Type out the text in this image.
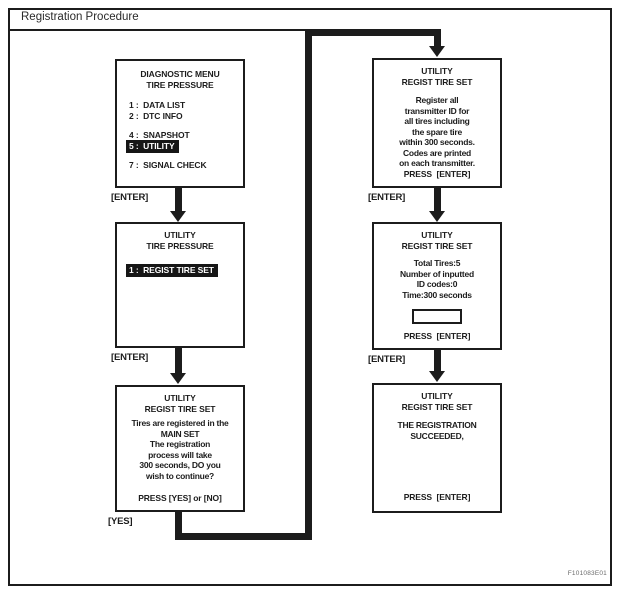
Registration Procedure
DIAGNOSTIC MENU
TIRE PRESSURE
1 :  DATA LIST
2 :  DTC INFO
4 :  SNAPSHOT
5 :  UTILITY
7 :  SIGNAL CHECK
[ENTER]
UTILITY
TIRE PRESSURE
1 :  REGIST TIRE SET
[ENTER]
UTILITY
REGIST TIRE SET
Tires are registered in the
MAIN SET
The registration
process will take
300 seconds, DO you
wish to continue?
PRESS [YES] or [NO]
[YES]
UTILITY
REGIST TIRE SET
Register all
transmitter ID for
all tires including
the spare tire
within 300 seconds.
Codes are printed
on each transmitter.
PRESS  [ENTER]
[ENTER]
UTILITY
REGIST TIRE SET
Total Tires:5
Number of inputted
ID codes:0
Time:300 seconds
PRESS  [ENTER]
[ENTER]
UTILITY
REGIST TIRE SET
THE REGISTRATION
SUCCEEDED,
PRESS  [ENTER]
F101083E01
